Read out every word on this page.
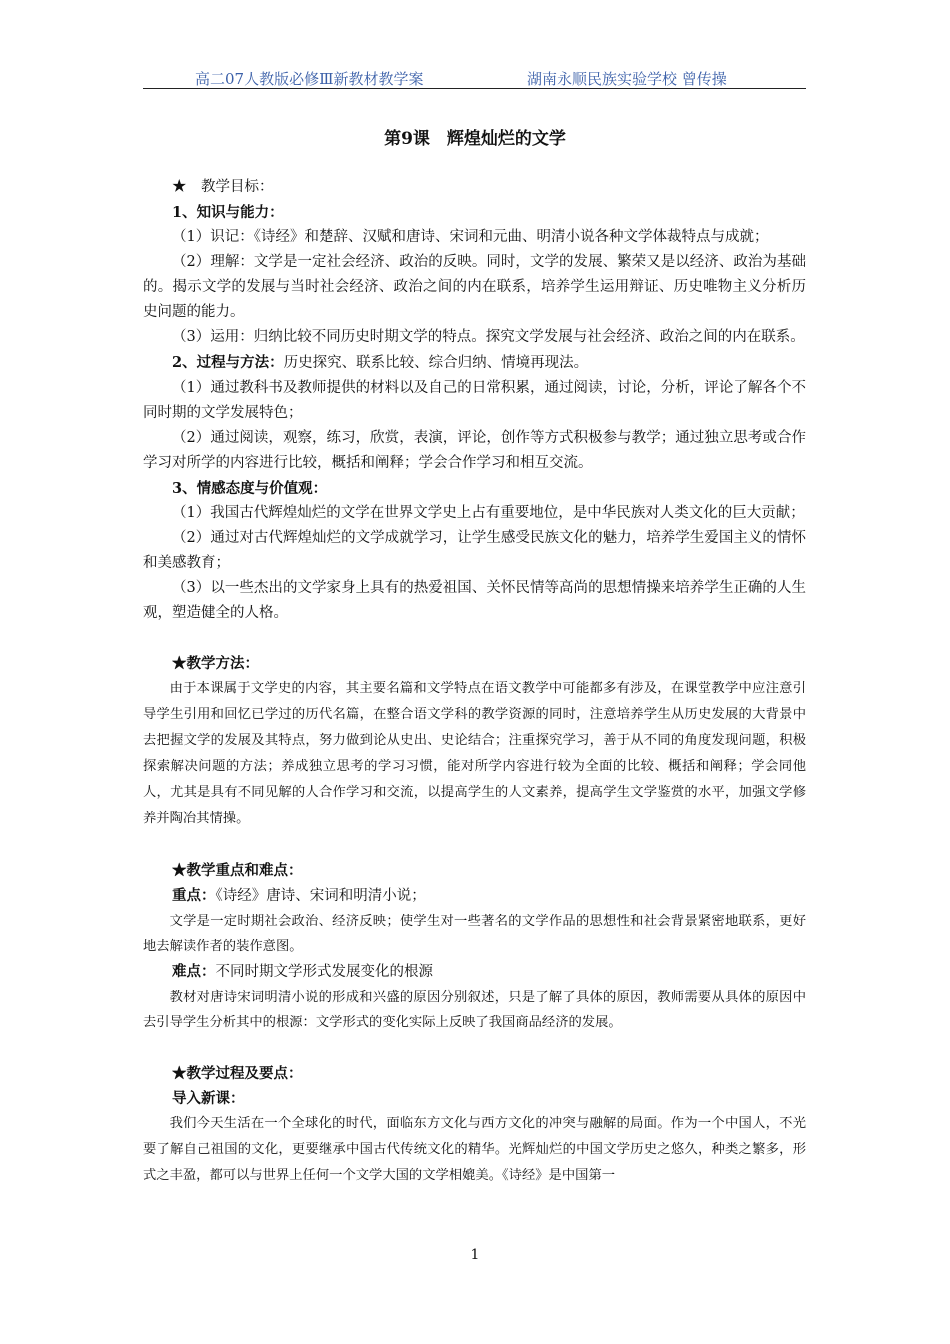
高二07人教版必修Ⅲ新教材教学案	湖南永顺民族实验学校 曾传操
第9课　辉煌灿烂的文学

★　教学目标：

1、知识与能力：

（1）识记：《诗经》和楚辞、汉赋和唐诗、宋词和元曲、明清小说各种文学体裁特点与成就；

（2）理解：文学是一定社会经济、政治的反映。同时，文学的发展、繁荣又是以经济、政治为基础的。揭示文学的发展与当时社会经济、政治之间的内在联系，培养学生运用辩证、历史唯物主义分析历史问题的能力。

（3）运用：归纳比较不同历史时期文学的特点。探究文学发展与社会经济、政治之间的内在联系。

2、过程与方法：历史探究、联系比较、综合归纳、情境再现法。

（1）通过教科书及教师提供的材料以及自己的日常积累，通过阅读，讨论，分析，评论了解各个不同时期的文学发展特色；

（2）通过阅读，观察，练习，欣赏，表演，评论，创作等方式积极参与教学；通过独立思考或合作学习对所学的内容进行比较，概括和阐释；学会合作学习和相互交流。

3、情感态度与价值观：

（1）我国古代辉煌灿烂的文学在世界文学史上占有重要地位，是中华民族对人类文化的巨大贡献；

（2）通过对古代辉煌灿烂的文学成就学习，让学生感受民族文化的魅力，培养学生爱国主义的情怀和美感教育；

（3）以一些杰出的文学家身上具有的热爱祖国、关怀民情等高尚的思想情操来培养学生正确的人生观，塑造健全的人格。

★教学方法：

由于本课属于文学史的内容，其主要名篇和文学特点在语文教学中可能都多有涉及，在课堂教学中应注意引导学生引用和回忆已学过的历代名篇，在整合语文学科的教学资源的同时，注意培养学生从历史发展的大背景中去把握文学的发展及其特点，努力做到论从史出、史论结合；注重探究学习，善于从不同的角度发现问题，积极探索解决问题的方法；养成独立思考的学习习惯，能对所学内容进行较为全面的比较、概括和阐释；学会同他人，尤其是具有不同见解的人合作学习和交流，以提高学生的人文素养，提高学生文学鉴赏的水平，加强文学修养并陶冶其情操。

★教学重点和难点：

重点：《诗经》唐诗、宋词和明清小说；

文学是一定时期社会政治、经济反映；使学生对一些著名的文学作品的思想性和社会背景紧密地联系，更好地去解读作者的装作意图。

难点：不同时期文学形式发展变化的根源

教材对唐诗宋词明清小说的形成和兴盛的原因分别叙述，只是了解了具体的原因，教师需要从具体的原因中去引导学生分析其中的根源：文学形式的变化实际上反映了我国商品经济的发展。

★教学过程及要点：

导入新课：

我们今天生活在一个全球化的时代，面临东方文化与西方文化的冲突与融解的局面。作为一个中国人，不光要了解自己祖国的文化，更要继承中国古代传统文化的精华。光辉灿烂的中国文学历史之悠久，种类之繁多，形式之丰盈，都可以与世界上任何一个文学大国的文学相媲美。《诗经》是中国第一

1
